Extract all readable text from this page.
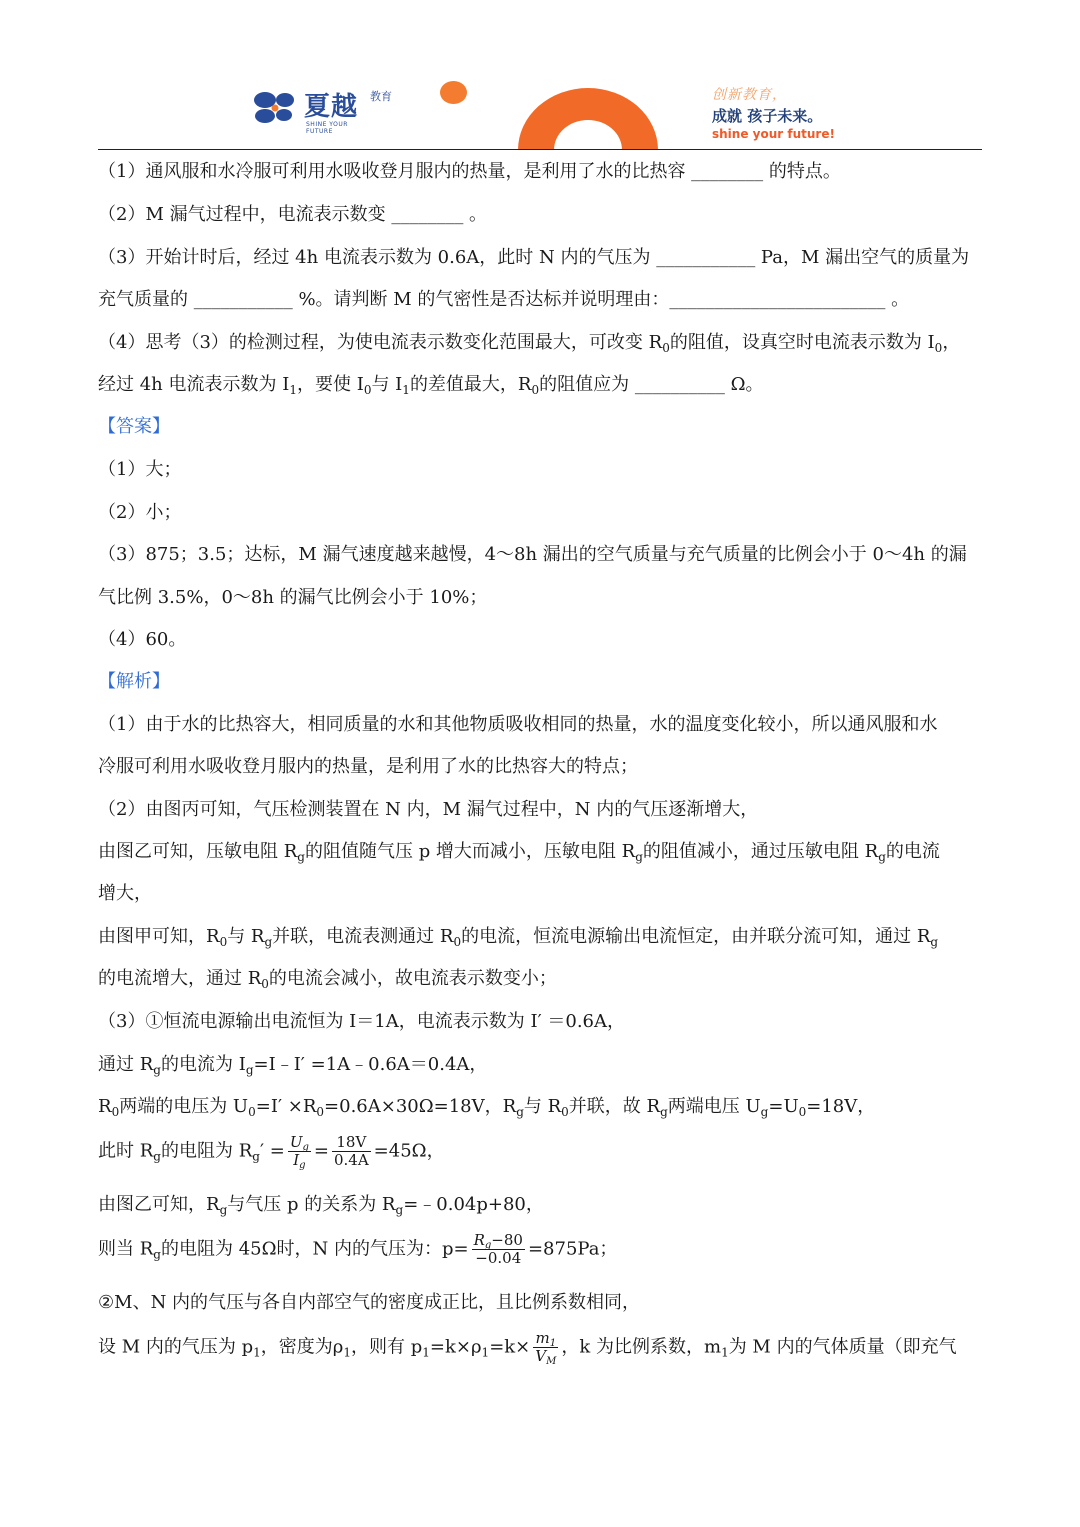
夏越 教育
SHINE YOUR FUTURE
创新教育，
成就 孩子未来。
shine your future!
（1）通风服和水冷服可利用水吸收登月服内的热量，是利用了水的比热容 ________ 的特点。
（2）M 漏气过程中，电流表示数变 ________ 。
（3）开始计时后，经过 4h 电流表示数为 0.6A，此时 N 内的气压为 ___________ Pa，M 漏出空气的质量为
充气质量的 ___________ %。请判断 M 的气密性是否达标并说明理由：________________________ 。
（4）思考（3）的检测过程，为使电流表示数变化范围最大，可改变 $R_0$的阻值，设真空时电流表示数为 $I_0$，
经过 4h 电流表示数为 $I_1$，要使 $I_0$与 $I_1$的差值最大，$R_0$的阻值应为 __________ Ω。
【答案】
（1）大；
（2）小；
（3）875；3.5；达标，M 漏气速度越来越慢，4～8h 漏出的空气质量与充气质量的比例会小于 0～4h 的漏
气比例 3.5%，0～8h 的漏气比例会小于 10%；
（4）60。
【解析】
（1）由于水的比热容大，相同质量的水和其他物质吸收相同的热量，水的温度变化较小，所以通风服和水
冷服可利用水吸收登月服内的热量，是利用了水的比热容大的特点；
（2）由图丙可知，气压检测装置在 N 内，M 漏气过程中，N 内的气压逐渐增大，
由图乙可知，压敏电阻 $R_g$的阻值随气压 p 增大而减小，压敏电阻 $R_g$的阻值减小，通过压敏电阻 $R_g$的电流
增大，
由图甲可知，$R_0$与 $R_g$并联，电流表测通过 $R_0$的电流，恒流电源输出电流恒定，由并联分流可知，通过 $R_g$
的电流增大，通过 $R_0$的电流会减小，故电流表示数变小；
（3）①恒流电源输出电流恒为 I＝1A，电流表示数为 I′ ＝0.6A，
通过 $R_g$的电流为 $I_g=I﹣I'$ =1A﹣0.6A＝0.4A，
$R_0$两端的电压为 $U_0=I' \times R_0=0.6A\times 30\Omega=18V$，$R_g$与 $R_0$并联，故 $R_g$两端电压 $U_g=U_0=18V$，
此时 $R_g$的电阻为 $R_g' = \frac{U_g}{I_g} = \frac{18V}{0.4A} =45\Omega$，
由图乙可知，$R_g$与气压 p 的关系为 $R_g=﹣0.04p+80$，
则当 $R_g$的电阻为 45Ω时，N 内的气压为：$p= \frac{R_g-80}{-0.04} =875Pa$；
②M、N 内的气压与各自内部空气的密度成正比，且比例系数相同，
设 M 内的气压为 $p_1$，密度为$\rho_1$，则有 $p_1=k\times\rho_1=k\times \frac{m_1}{V_M}$ ，k 为比例系数，$m_1$为 M 内的气体质量（即充气
